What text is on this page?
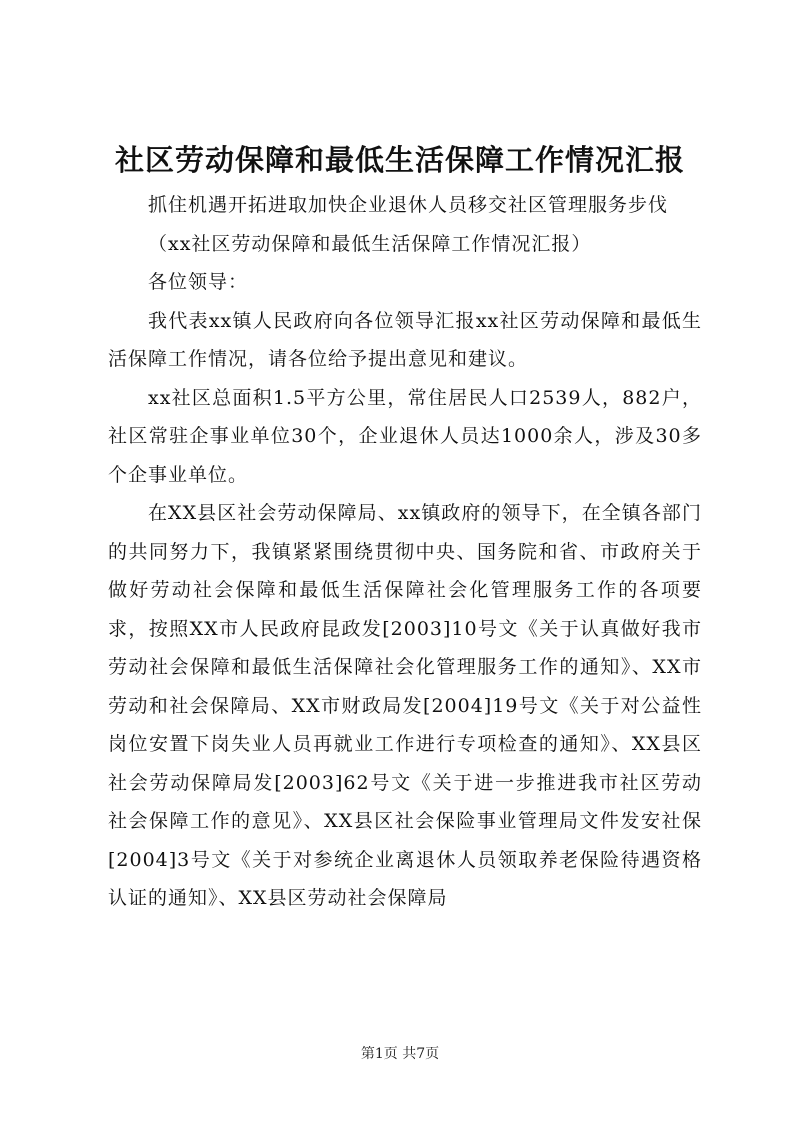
社区劳动保障和最低生活保障工作情况汇报

抓住机遇开拓进取加快企业退休人员移交社区管理服务步伐

（xx社区劳动保障和最低生活保障工作情况汇报）

各位领导：

我代表xx镇人民政府向各位领导汇报xx社区劳动保障和最低生活保障工作情况，请各位给予提出意见和建议。

xx社区总面积1.5平方公里，常住居民人口2539人，882户，社区常驻企事业单位30个，企业退休人员达1000余人，涉及30多个企事业单位。

在XX县区社会劳动保障局、xx镇政府的领导下，在全镇各部门的共同努力下，我镇紧紧围绕贯彻中央、国务院和省、市政府关于做好劳动社会保障和最低生活保障社会化管理服务工作的各项要求，按照XX市人民政府昆政发[2003]10号文《关于认真做好我市劳动社会保障和最低生活保障社会化管理服务工作的通知》、XX市劳动和社会保障局、XX市财政局发[2004]19号文《关于对公益性岗位安置下岗失业人员再就业工作进行专项检查的通知》、XX县区社会劳动保障局发[2003]62号文《关于进一步推进我市社区劳动社会保障工作的意见》、XX县区社会保险事业管理局文件发安社保[2004]3号文《关于对参统企业离退休人员领取养老保险待遇资格认证的通知》、XX县区劳动社会保障局

第1页 共7页
